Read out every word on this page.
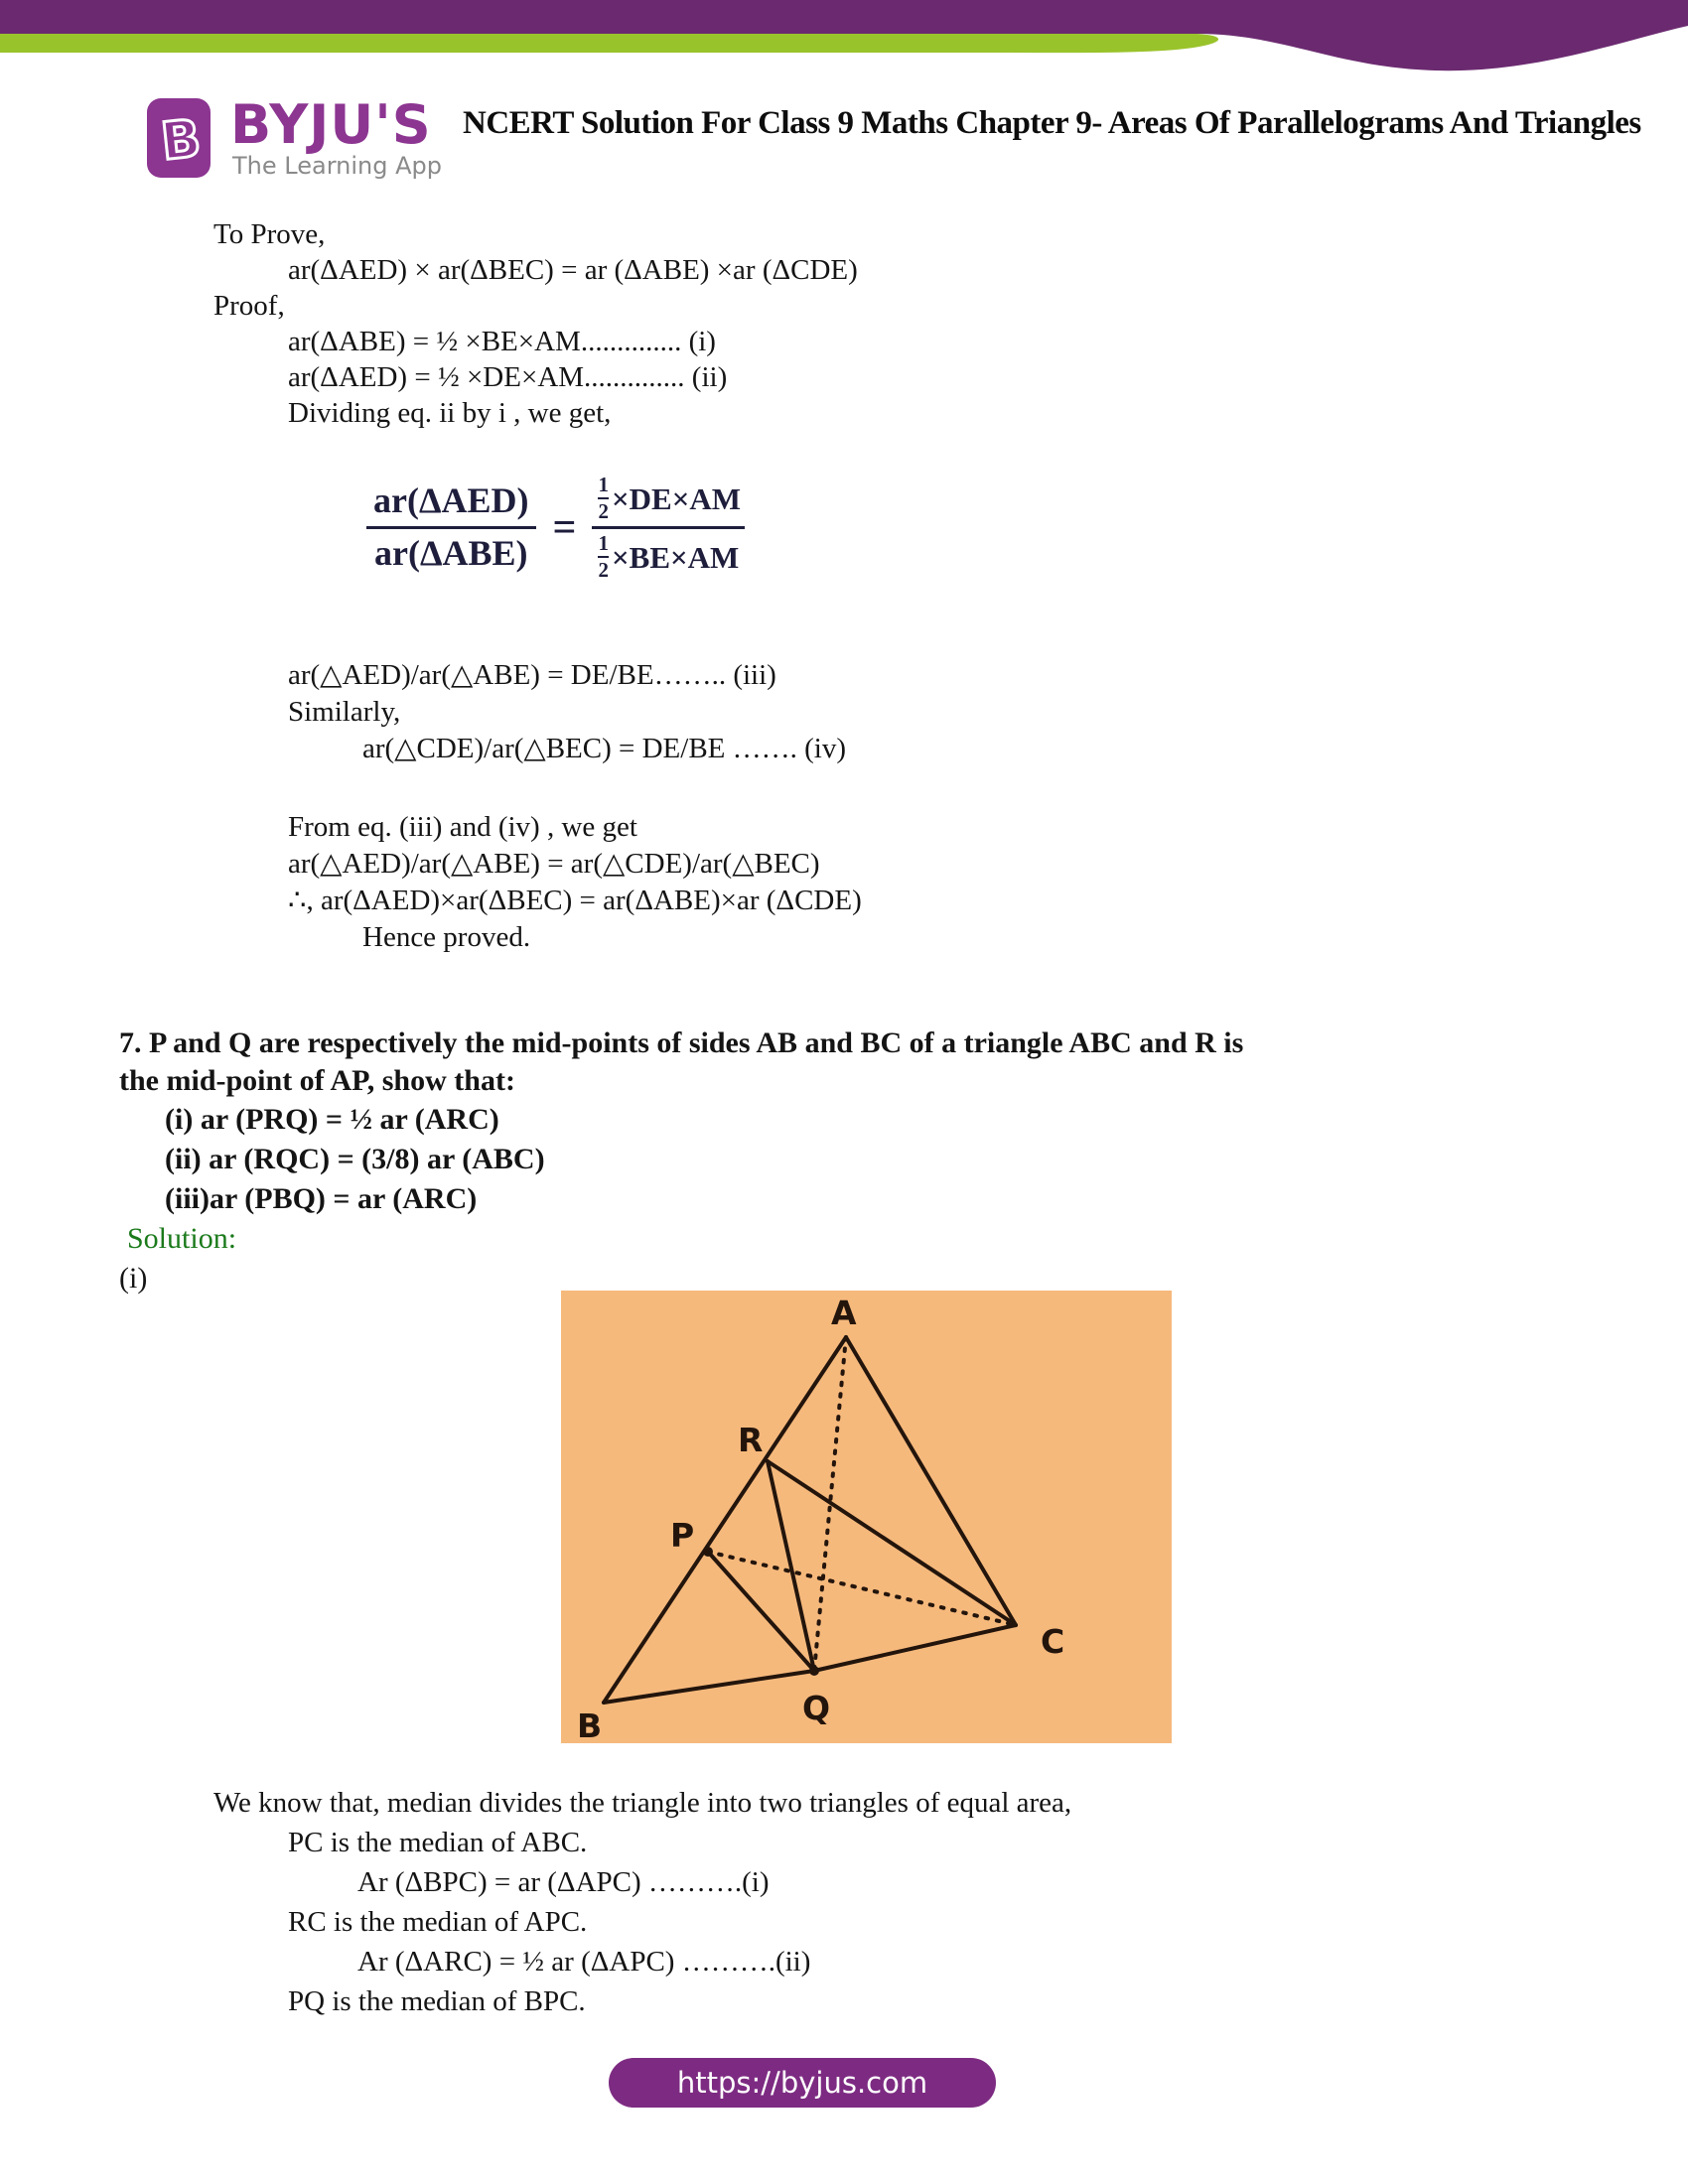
B BYJU'S
The Learning App
NCERT Solution For Class 9 Maths Chapter 9- Areas Of Parallelograms And Triangles

To Prove,

ar(ΔAED) × ar(ΔBEC) = ar (ΔABE) ×ar (ΔCDE)

Proof,

ar(ΔABE) = ½ ×BE×AM.............. (i)

ar(ΔAED) = ½ ×DE×AM.............. (ii)

Dividing eq. ii by i , we get,

$\frac{\text{ar(ΔAED)}}{\text{ar(ΔABE)}} = \frac{\frac{1}{2} \times DE\times AM}{\frac{1}{2} \times BE\times AM}$

ar(△AED)/ar(△ABE) = DE/BE…….. (iii)

Similarly,

ar(△CDE)/ar(△BEC) = DE/BE ……. (iv)

From eq. (iii) and (iv) , we get

ar(△AED)/ar(△ABE) = ar(△CDE)/ar(△BEC)

∴, ar(ΔAED)×ar(ΔBEC) = ar(ΔABE)×ar (ΔCDE)

Hence proved.

7. P and Q are respectively the mid-points of sides AB and BC of a triangle ABC and R is

the mid-point of AP, show that:

(i) ar (PRQ) = ½ ar (ARC)

(ii) ar (RQC) = (3/8) ar (ABC)

(iii)ar (PBQ) = ar (ARC)

Solution:

(i)

A
R
P
B	Q
C

We know that, median divides the triangle into two triangles of equal area,

PC is the median of ABC.

Ar (ΔBPC) = ar (ΔAPC) ……….(i)

RC is the median of APC.

Ar (ΔARC) = ½ ar (ΔAPC) ……….(ii)

PQ is the median of BPC.

https://byjus.com
